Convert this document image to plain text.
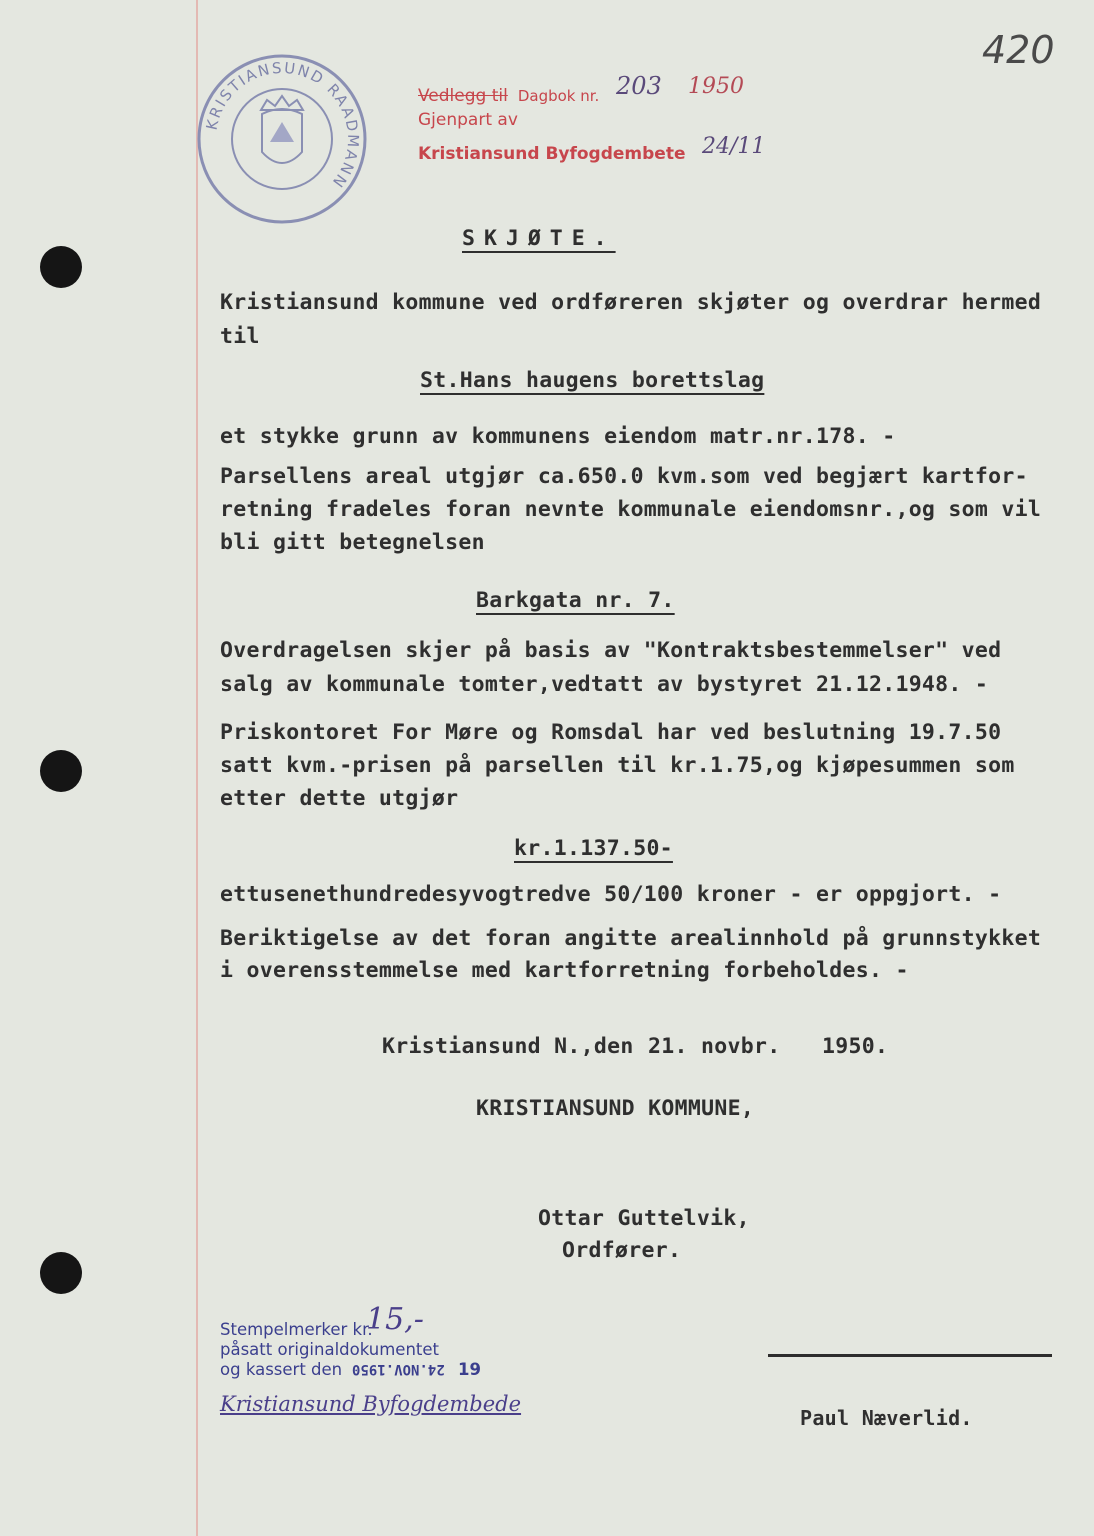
420
KRISTIANSUND RAADMANN
Vedlegg til Dagbok nr. 203 1950
Gjenpart av
Kristiansund Byfogdembete 24/11
SKJØTE.
Kristiansund kommune ved ordføreren skjøter og overdrar hermed
til
St.Hans haugens borettslag
et stykke grunn av kommunens eiendom matr.nr.178. -
Parsellens areal utgjør ca.650.0 kvm.som ved begjært kartfor-
retning fradeles foran nevnte kommunale eiendomsnr.,og som vil
bli gitt betegnelsen
Barkgata nr. 7.
Overdragelsen skjer på basis av "Kontraktsbestemmelser" ved
salg av kommunale tomter,vedtatt av bystyret 21.12.1948. -
Priskontoret For Møre og Romsdal har ved beslutning 19.7.50
satt kvm.-prisen på parsellen til kr.1.75,og kjøpesummen som
etter dette utgjør
kr.1.137.50-
ettusenethundredesyvogtredve 50/100 kroner - er oppgjort. -
Beriktigelse av det foran angitte arealinnhold på grunnstykket
i overensstemmelse med kartforretning forbeholdes. -
Kristiansund N.,den 21. novbr. 1950.
KRISTIANSUND KOMMUNE,
Ottar Guttelvik,
Ordfører.
Stempelmerker kr.
15,-
påsatt originaldokumentet
og kassert den 24.NOV.1950 19
Kristiansund Byfogdembede
Paul Næverlid.
